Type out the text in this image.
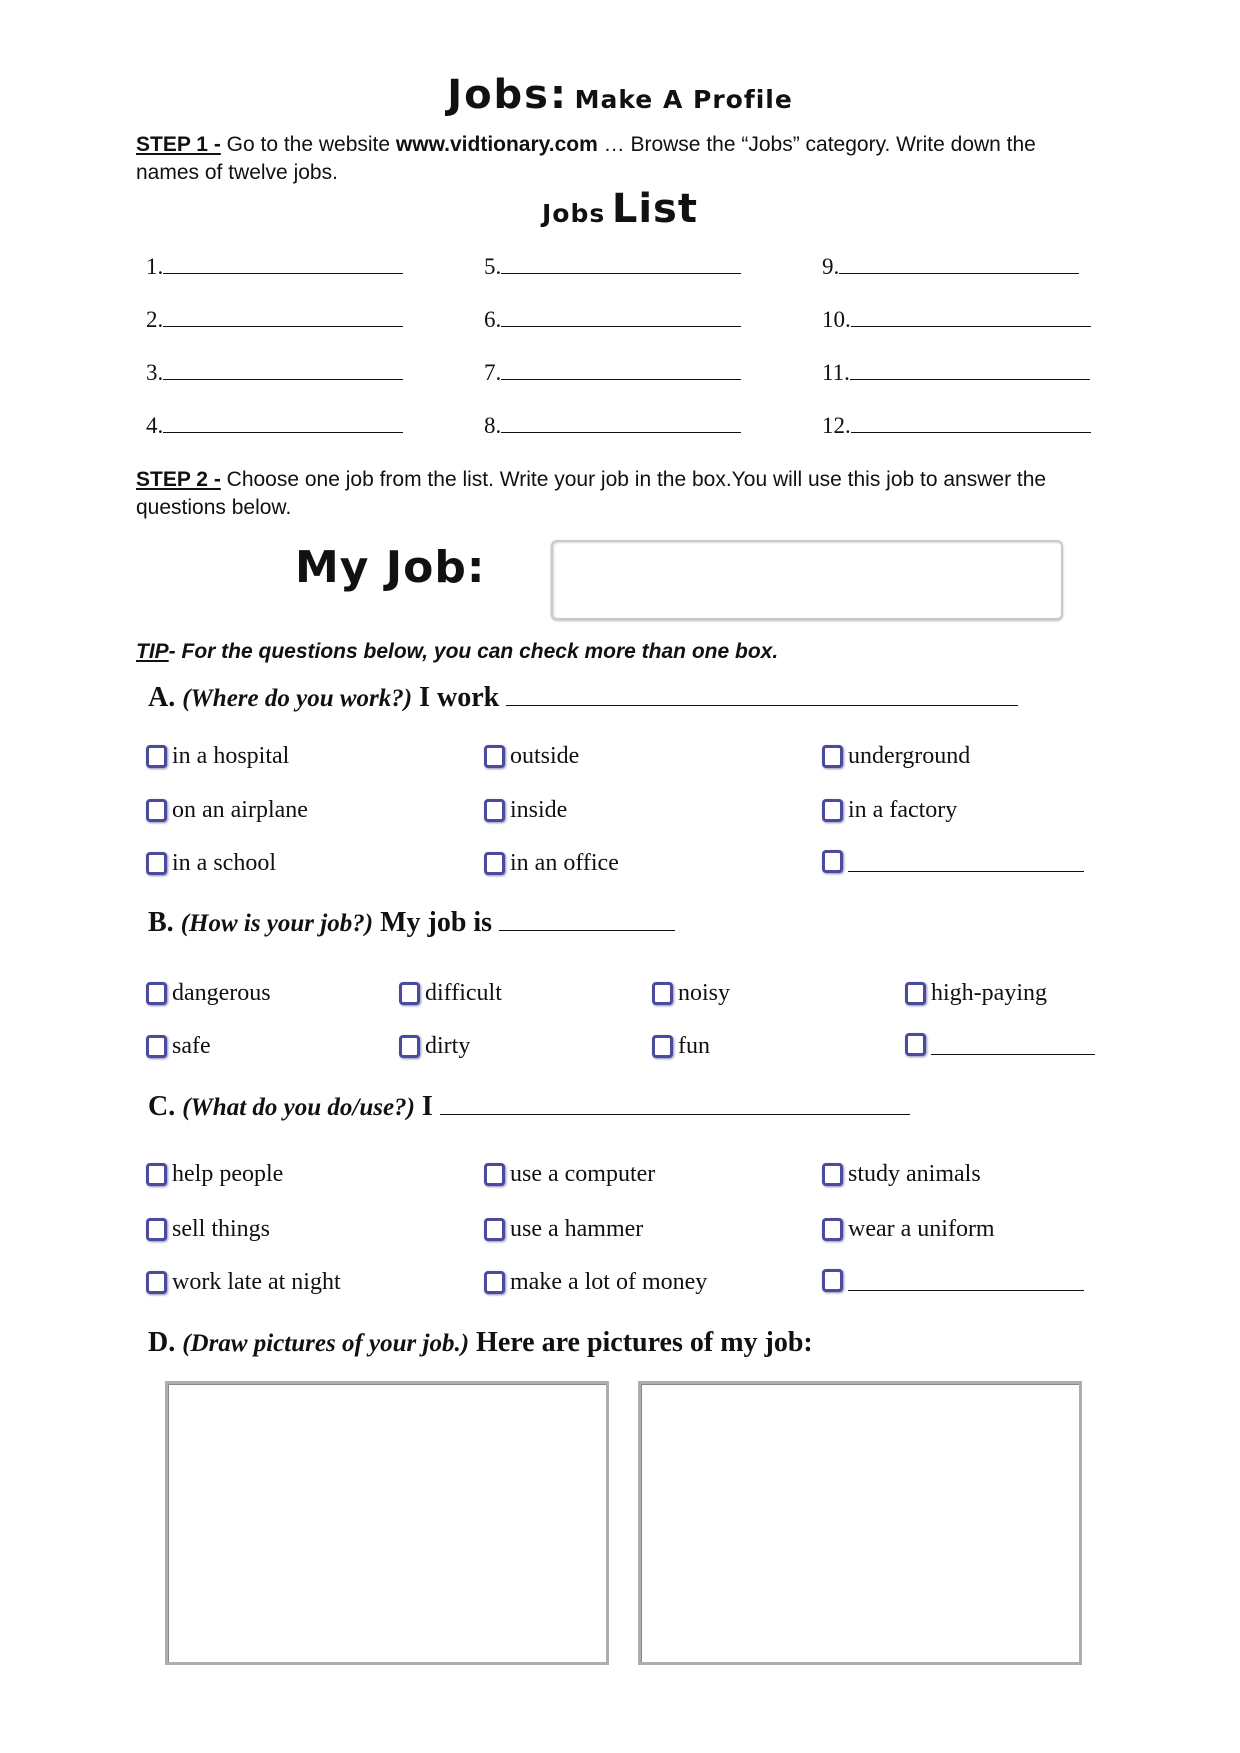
Jobs: Make A Profile
STEP 1 - Go to the website www.vidtionary.com … Browse the “Jobs” category. Write down the names of twelve jobs.
Jobs List
1.
2.
3.
4.
5.
6.
7.
8.
9.
10.
11.
12.
STEP 2 - Choose one job from the list. Write your job in the box.You will use this job to answer the questions below.
My Job:
TIP- For the questions below, you can check more than one box.
A. (Where do you work?) I work
in a hospital
on an airplane
in a school
outside
inside
in an office
underground
in a factory
B. (How is your job?) My job is
dangerous
safe
difficult
dirty
noisy
fun
high-paying
C. (What do you do/use?) I
help people
sell things
work late at night
use a computer
use a hammer
make a lot of money
study animals
wear a uniform
D. (Draw pictures of your job.) Here are pictures of my job:
